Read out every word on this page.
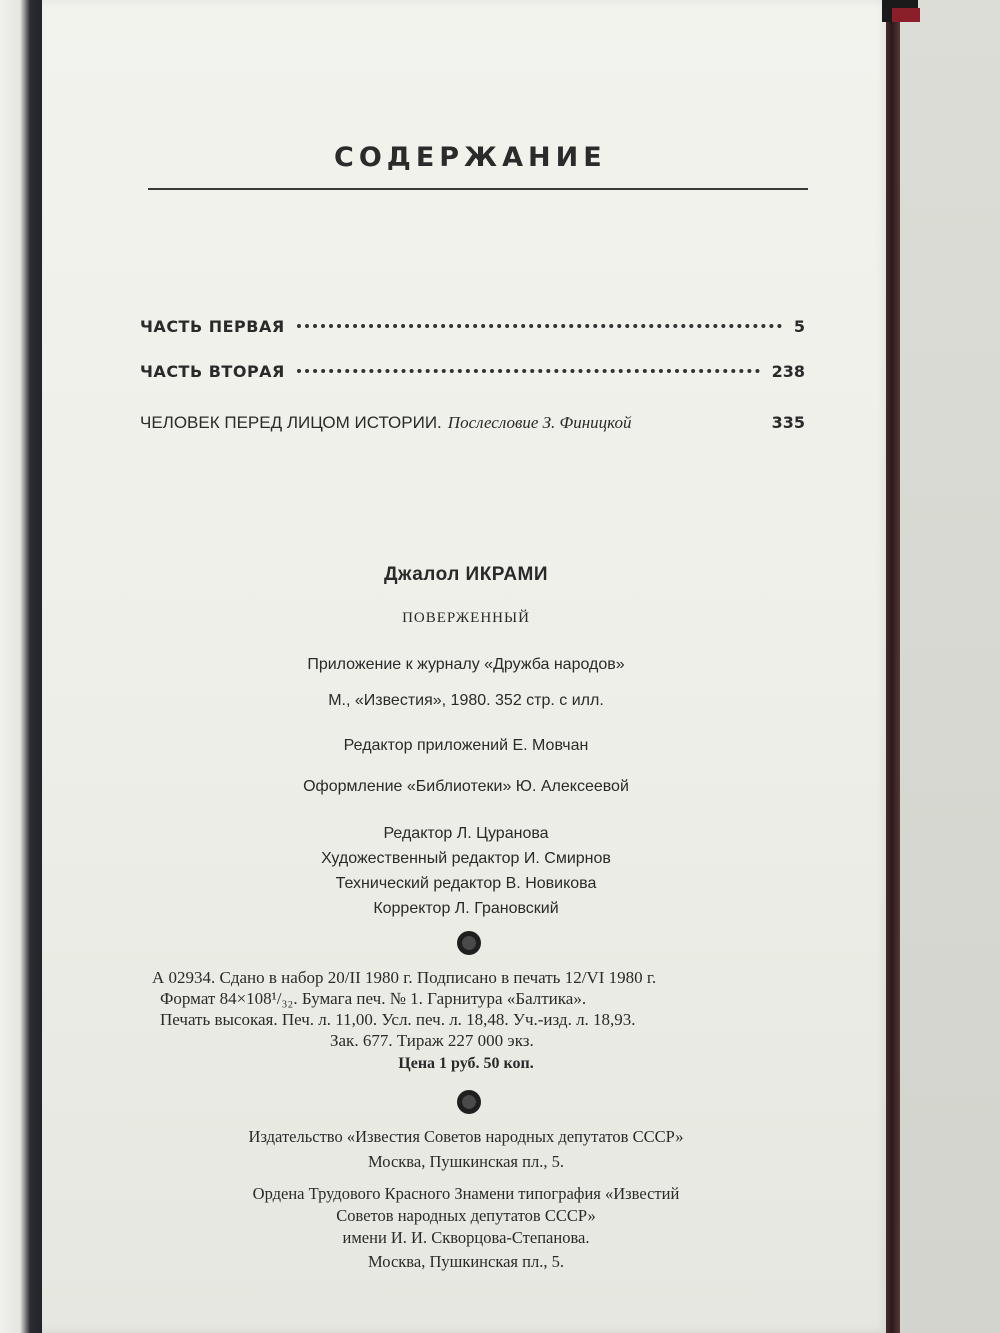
СОДЕРЖАНИЕ
ЧАСТЬ ПЕРВАЯ	5
ЧАСТЬ ВТОРАЯ	238
ЧЕЛОВЕК ПЕРЕД ЛИЦОМ ИСТОРИИ. Послесловие З. Финицкой	335
Джалол ИКРАМИ
ПОВЕРЖЕННЫЙ
Приложение к журналу «Дружба народов»
М., «Известия», 1980. 352 стр. с илл.
Редактор приложений Е. Мовчан
Оформление «Библиотеки» Ю. Алексеевой
Редактор Л. Цуранова
Художественный редактор И. Смирнов
Технический редактор В. Новикова
Корректор Л. Грановский
А 02934. Сдано в набор 20/II 1980 г. Подписано в печать 12/VI 1980 г.
Формат 84×108¹/₃₂. Бумага печ. № 1. Гарнитура «Балтика».
Печать высокая. Печ. л. 11,00. Усл. печ. л. 18,48. Уч.-изд. л. 18,93.
Зак. 677. Тираж 227 000 экз.
Цена 1 руб. 50 коп.
Издательство «Известия Советов народных депутатов СССР»
Москва, Пушкинская пл., 5.
Ордена Трудового Красного Знамени типография «Известий
Советов народных депутатов СССР»
имени И. И. Скворцова-Степанова.
Москва, Пушкинская пл., 5.
